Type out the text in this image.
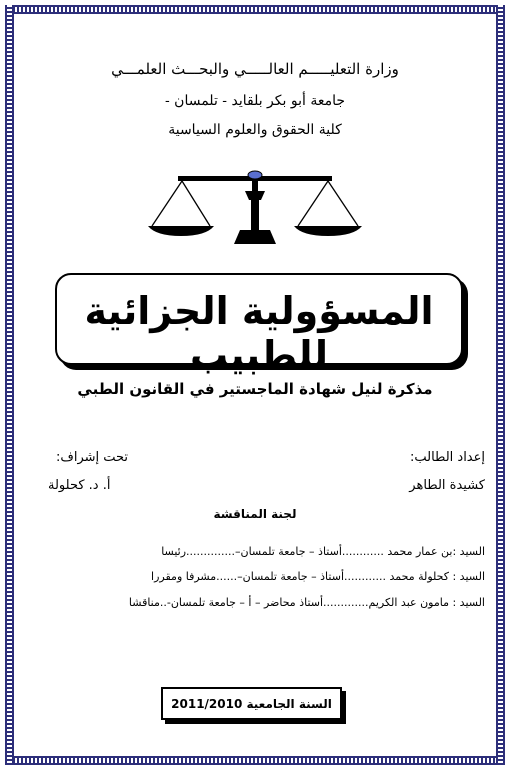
وزارة التعليـــــم العالـــــي والبحـــث العلمـــي
جامعة أبو بكر بلقايد - تلمسان -
كلية الحقوق والعلوم السياسية
المسؤولية الجزائية للطبيب
مذكرة لنيل شهادة الماجستير في القانون الطبي
إعداد الطالب:
كشيدة الطاهر
تحت إشراف:
أ. د. كحلولة
لجنة المناقشة
السيد :بن عمار محمد ............أستاذ – جامعة تلمسان–..............رئيسا
السيد : كحلولة محمد ............أستاذ – جامعة تلمسان–......مشرفا ومقررا
السيد : مامون عبد الكريم.............أستاذ محاضر – أ – جامعة تلمسان-..مناقشا
السنة الجامعية 2011/2010
